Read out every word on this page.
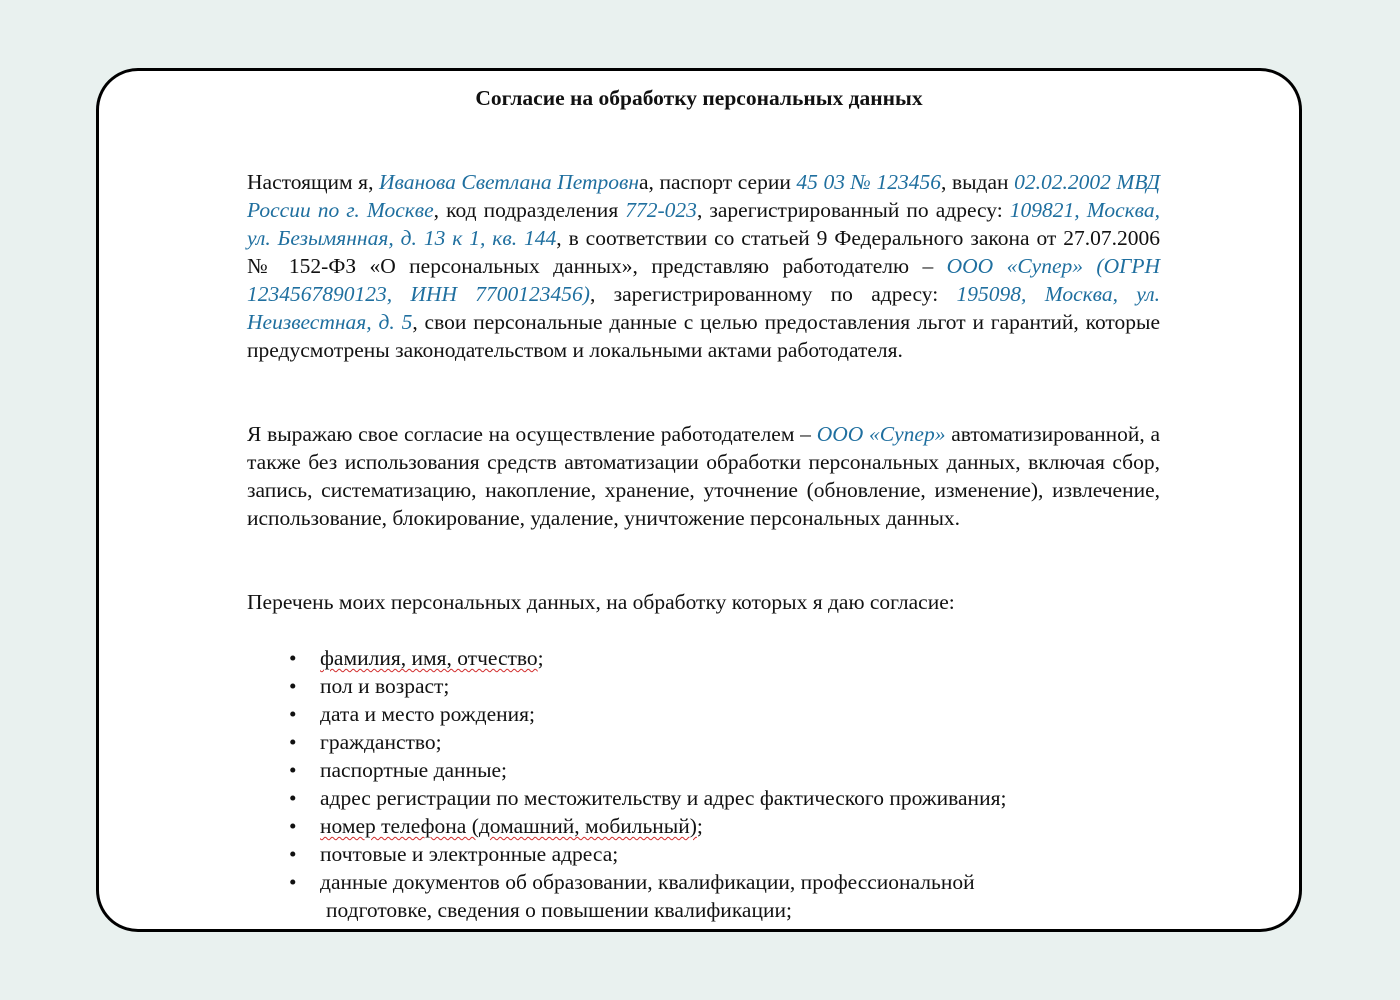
Согласие на обработку персональных данных

Настоящим я, Иванова Светлана Петровна, паспорт серии 45 03 № 123456, выдан 02.02.2002 МВД России по г. Москве, код подразделения 772-023, зарегистрированный по адресу: 109821, Москва, ул. Безымянная, д. 13 к 1, кв. 144, в соответствии со статьей 9 Федерального закона от 27.07.2006 № 152-ФЗ «О персональных данных», представляю работодателю – ООО «Супер» (ОГРН 1234567890123, ИНН 7700123456), зарегистрированному по адресу: 195098, Москва, ул. Неизвестная, д. 5, свои персональные данные с целью предоставления льгот и гарантий, которые предусмотрены законодательством и локальными актами работодателя.

Я выражаю свое согласие на осуществление работодателем – ООО «Супер» автоматизированной, а также без использования средств автоматизации обработки персональных данных, включая сбор, запись, систематизацию, накопление, хранение, уточнение (обновление, изменение), извлечение, использование, блокирование, удаление, уничтожение персональных данных.

Перечень моих персональных данных, на обработку которых я даю согласие:

• фамилия, имя, отчество;
• пол и возраст;
• дата и место рождения;
• гражданство;
• паспортные данные;
• адрес регистрации по местожительству и адрес фактического проживания;
• номер телефона (домашний, мобильный);
• почтовые и электронные адреса;
• данные документов об образовании, квалификации, профессиональной
подготовке, сведения о повышении квалификации;
